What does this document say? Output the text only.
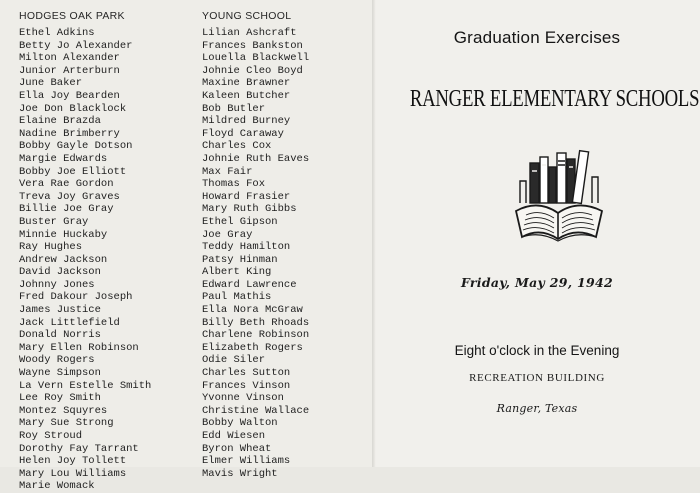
HODGES OAK PARK
Ethel Adkins
Betty Jo Alexander
Milton Alexander
Junior Arterburn
June Baker
Ella Joy Bearden
Joe Don Blacklock
Elaine Brazda
Nadine Brimberry
Bobby Gayle Dotson
Margie Edwards
Bobby Joe Elliott
Vera Rae Gordon
Treva Joy Graves
Billie Joe Gray
Buster Gray
Minnie Huckaby
Ray Hughes
Andrew Jackson
David Jackson
Johnny Jones
Fred Dakour Joseph
James Justice
Jack Littlefield
Donald Norris
Mary Ellen Robinson
Woody Rogers
Wayne Simpson
La Vern Estelle Smith
Lee Roy Smith
Montez Squyres
Mary Sue Strong
Roy Stroud
Dorothy Fay Tarrant
Helen Joy Tollett
Mary Lou Williams
Marie Womack
YOUNG SCHOOL
Lilian Ashcraft
Frances Bankston
Louella Blackwell
Johnie Cleo Boyd
Maxine Brawner
Kaleen Butcher
Bob Butler
Mildred Burney
Floyd Caraway
Charles Cox
Johnie Ruth Eaves
Max Fair
Thomas Fox
Howard Frasier
Mary Ruth Gibbs
Ethel Gipson
Joe Gray
Teddy Hamilton
Patsy Hinman
Albert King
Edward Lawrence
Paul Mathis
Ella Nora McGraw
Billy Beth Rhoads
Charlene Robinson
Elizabeth Rogers
Odie Siler
Charles Sutton
Frances Vinson
Yvonne Vinson
Christine Wallace
Bobby Walton
Edd Wiesen
Byron Wheat
Elmer Williams
Mavis Wright
Graduation Exercises
RANGER ELEMENTARY SCHOOLS
Friday, May 29, 1942
Eight o'clock in the Evening
RECREATION BUILDING
Ranger, Texas
